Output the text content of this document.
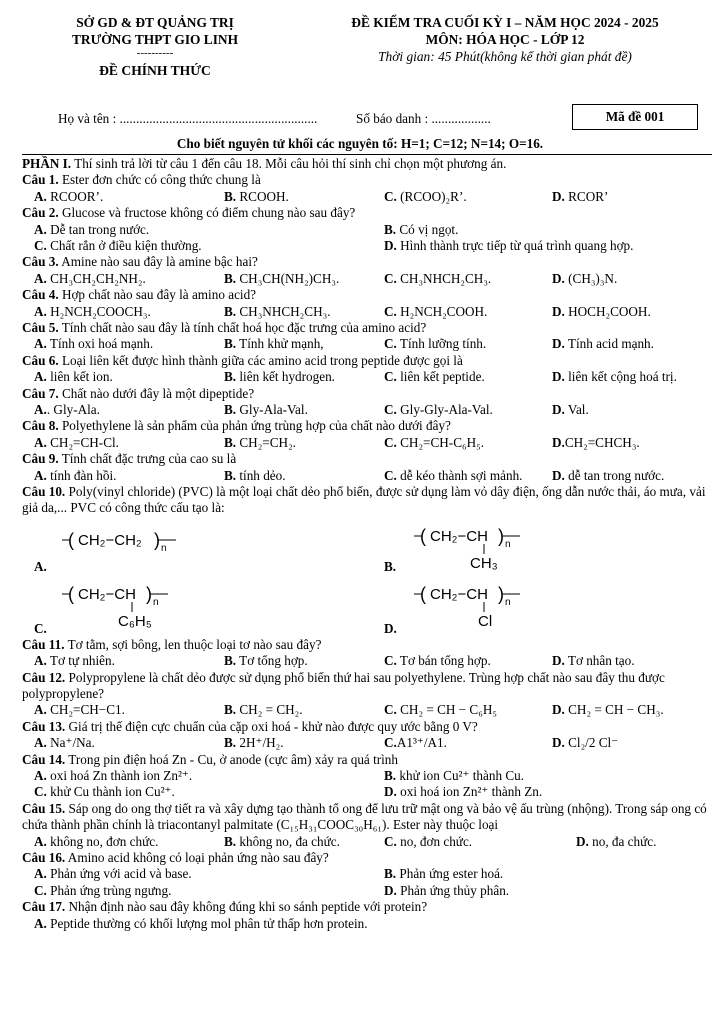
SỞ GD & ĐT QUẢNG TRỊ
TRƯỜNG THPT GIO LINH
----------
ĐỀ CHÍNH THỨC
ĐỀ KIỂM TRA CUỐI KỲ I – NĂM HỌC 2024 - 2025
MÔN: HÓA HỌC - LỚP 12
Thời gian: 45 Phút(không kể thời gian phát đề)
Họ và tên : ............................................................	Số báo danh : ..................	Mã đề 001
Cho biết nguyên tử khối các nguyên tố: H=1; C=12; N=14; O=16.
PHẦN I. Thí sinh trả lời từ câu 1 đến câu 18. Mỗi câu hỏi thí sinh chỉ chọn một phương án.
Câu 1. Ester đơn chức có công thức chung là
A. RCOOR’.	B. RCOOH.	C. (RCOO)₂R’.	D. RCOR’
Câu 2. Glucose và fructose không có điểm chung nào sau đây?
A. Dễ tan trong nước.	B. Có vị ngọt.
C. Chất rắn ở điều kiện thường.	D. Hình thành trực tiếp từ quá trình quang hợp.
Câu 3. Amine nào sau đây là amine bậc hai?
A. CH₃CH₂CH₂NH₂.	B. CH₃CH(NH₂)CH₃.	C. CH₃NHCH₂CH₃.	D. (CH₃)₃N.
Câu 4. Hợp chất nào sau đây là amino acid?
A. H₂NCH₂COOCH₃.	B. CH₃NHCH₂CH₃.	C. H₂NCH₂COOH.	D. HOCH₂COOH.
Câu 5. Tính chất nào sau đây là tính chất hoá học đặc trưng của amino acid?
A. Tính oxi hoá mạnh.	B. Tính khử mạnh,	C. Tính lưỡng tính.	D. Tính acid mạnh.
Câu 6. Loại liên kết được hình thành giữa các amino acid trong peptide được gọi là
A. liên kết ion.	B. liên kết hydrogen.	C. liên kết peptide.	D. liên kết cộng hoá trị.
Câu 7. Chất nào dưới đây là một dipeptide?
A.. Gly-Ala.	B. Gly-Ala-Val.	C. Gly-Gly-Ala-Val.	D. Val.
Câu 8. Polyethylene là sản phẩm của phản ứng trùng hợp của chất nào dưới đây?
A. CH₂=CH-Cl.	B. CH₂=CH₂.	C. CH₂=CH-C₆H₅.	D.CH₂=CHCH₃.
Câu 9. Tính chất đặc trưng của cao su là
A. tính đàn hồi.	B. tính dẻo.	C. dễ kéo thành sợi mảnh. D. dễ tan trong nước.
Câu 10. Poly(vinyl chloride) (PVC) là một loại chất dẻo phổ biến, được sử dụng làm vỏ dây điện, ống dẫn nước thải, áo mưa, vải giả da,... PVC có công thức cấu tạo là:
A.
( CH₂−CH₂ ) n
B.
( CH₂−CH ) n
CH₃
C.
( CH₂−CH ) n
C₆H₅	D.
( CH₂−CH ) n
Cl
Câu 11. Tơ tằm, sợi bông, len thuộc loại tơ nào sau đây?
A. Tơ tự nhiên.	B. Tơ tổng hợp.	C. Tơ bán tổng hợp.	D. Tơ nhân tạo.
Câu 12. Polypropylene là chất dẻo được sử dụng phổ biến thứ hai sau polyethylene. Trùng hợp chất nào sau đây thu được polypropylene?
A. CH₂=CH−C1.	B. CH₂ = CH₂.	C. CH₂ = CH − C₆H₅	D. CH₂ = CH − CH₃.
Câu 13. Giá trị thế điện cực chuẩn của cặp oxi hoá - khử nào được quy ước bằng 0 V?
A. Na⁺/Na.	B. 2H⁺/H₂.	C.A1³⁺/A1.	D. Cl₂/2 Cl⁻
Câu 14. Trong pin điện hoá Zn - Cu, ở anode (cực âm) xảy ra quá trình
A. oxi hoá Zn thành ion Zn²⁺.	B. khử ion Cu²⁺ thành Cu.
C. khử Cu thành ion Cu²⁺.	D. oxi hoá ion Zn²⁺ thành Zn.
Câu 15. Sáp ong do ong thợ tiết ra và xây dựng tạo thành tổ ong để lưu trữ mật ong và bảo vệ ấu trùng (nhộng). Trong sáp ong có chứa thành phần chính là triacontanyl palmitate (C₁₅H₃₁COOC₃₀H₆₁). Ester này thuộc loại
A. không no, đơn chức.	B. không no, đa chức.	C. no, đơn chức.	D. no, đa chức.
Câu 16. Amino acid không có loại phản ứng nào sau đây?
A. Phản ứng với acid và base.	B. Phản ứng ester hoá.
C. Phản ứng trùng ngưng.	D. Phản ứng thủy phân.
Câu 17. Nhận định nào sau đây không đúng khi so sánh peptide với protein?
A. Peptide thường có khối lượng mol phân tử thấp hơn protein.
